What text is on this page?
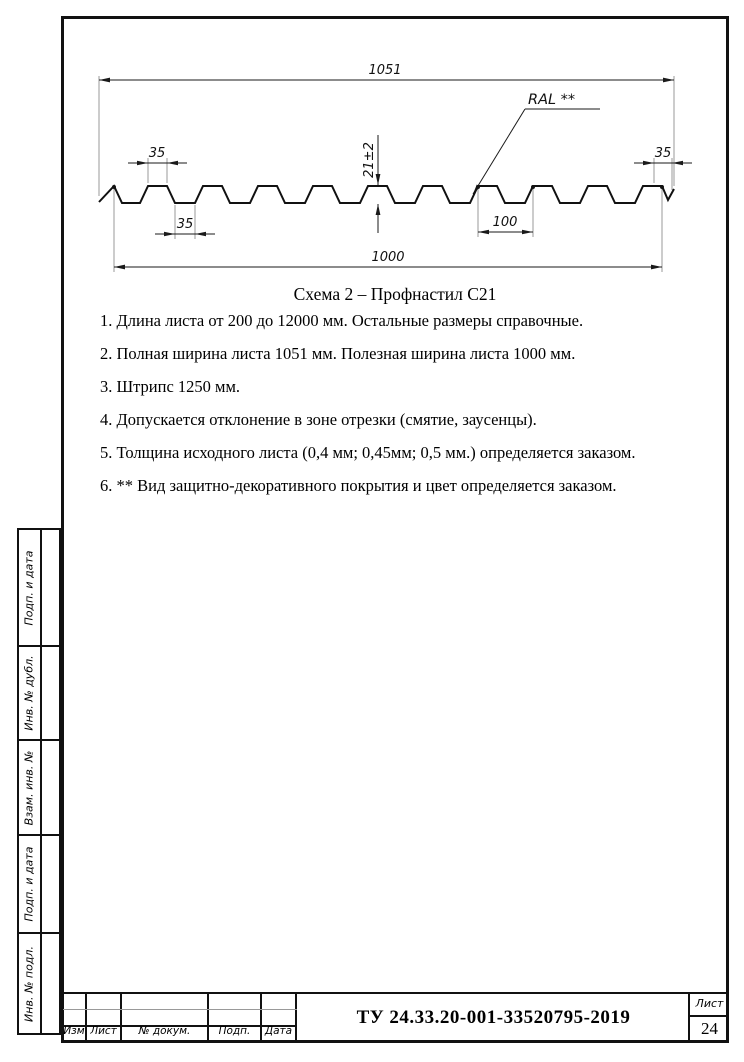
1051
35	35
35	100
1000
21±2
RAL **
Схема 2 – Профнастил С21

1. Длина листа от 200 до 12000 мм. Остальные размеры справочные.

2. Полная ширина листа 1051 мм. Полезная ширина листа 1000 мм.

3. Штрипс 1250 мм.

4. Допускается отклонение в зоне отрезки (смятие, заусенцы).

5. Толщина исходного листа (0,4 мм; 0,45мм; 0,5 мм.) определяется заказом.

6. ** Вид защитно-декоративного покрытия и цвет определяется заказом.

Подп. и дата
Инв. № дубл.
Взам. инв. №
Подп. и дата
Инв. № подл.
Изм Лист	№ докум.	Подп.	Дата
ТУ 24.33.20-001-33520795-2019
Лист
24
